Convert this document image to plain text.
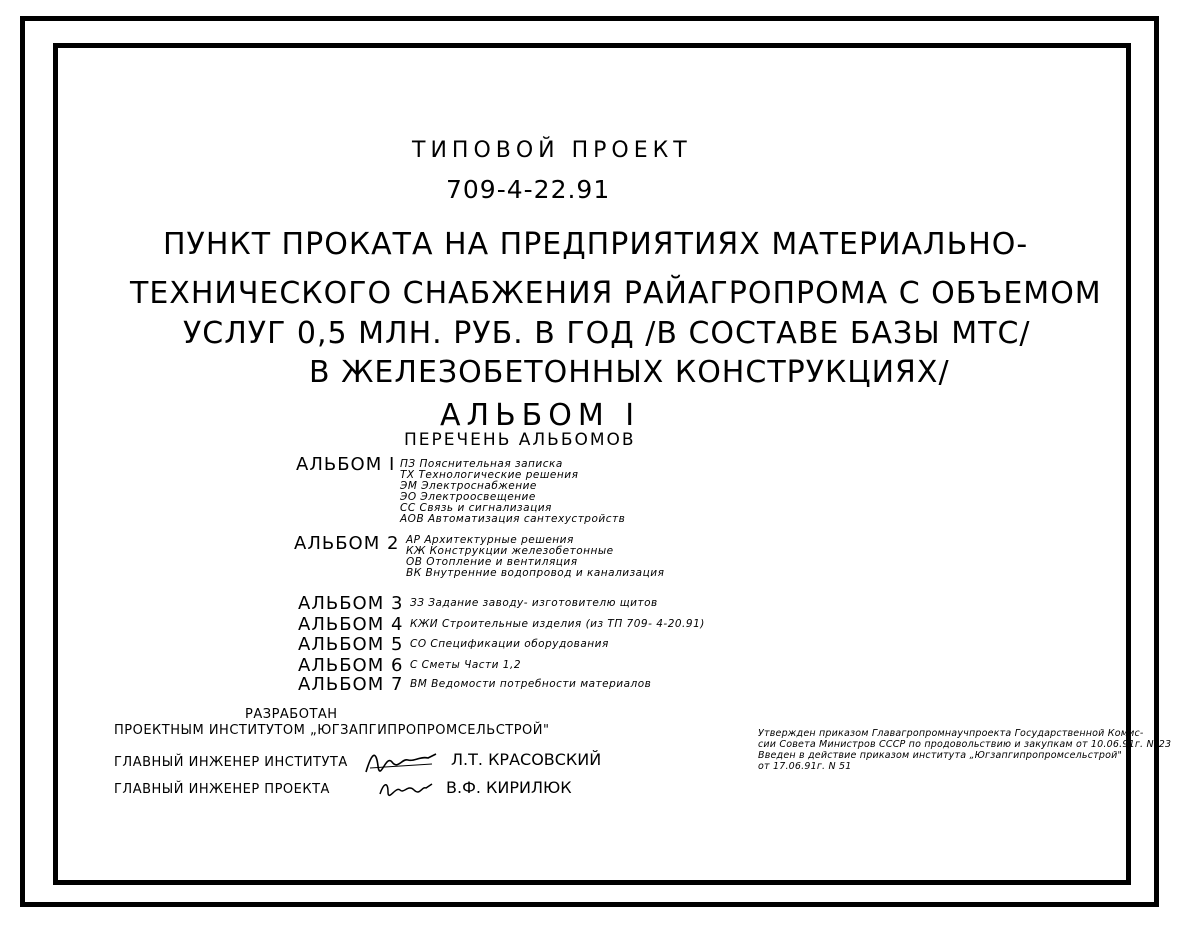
ТИПОВОЙ ПРОЕКТ
709-4-22.91
ПУНКТ ПРОКАТА НА ПРЕДПРИЯТИЯХ МАТЕРИАЛЬНО-
ТЕХНИЧЕСКОГО СНАБЖЕНИЯ РАЙАГРОПРОМА С ОБЪЕМОМ
УСЛУГ 0,5 МЛН. РУБ. В ГОД /В СОСТАВЕ БАЗЫ МТС/
В ЖЕЛЕЗОБЕТОННЫХ КОНСТРУКЦИЯХ/
АЛЬБОМ I
ПЕРЕЧЕНЬ АЛЬБОМОВ
АЛЬБОМ I ПЗ Пояснительная записка
ТХ Технологические решения
ЭМ Электроснабжение
ЭО Электроосвещение
СС Связь и сигнализация
АОВ Автоматизация сантехустройств
АЛЬБОМ 2 АР Архитектурные решения
КЖ Конструкции железобетонные
ОВ Отопление и вентиляция
ВК Внутренние водопровод и канализация
АЛЬБОМ 3 ЗЗ Задание заводу- изготовителю щитов
АЛЬБОМ 4 КЖИ Строительные изделия (из ТП 709- 4-20.91)
АЛЬБОМ 5 СО Спецификации оборудования
АЛЬБОМ 6 С Сметы Части 1,2
АЛЬБОМ 7 ВМ Ведомости потребности материалов
РАЗРАБОТАН
ПРОЕКТНЫМ ИНСТИТУТОМ „ЮГЗАПГИПРОПРОМСЕЛЬСТРОЙ"
ГЛАВНЫЙ ИНЖЕНЕР ИНСТИТУТА	Л.Т. КРАСОВСКИЙ
ГЛАВНЫЙ ИНЖЕНЕР ПРОЕКТА	В.Ф. КИРИЛЮК
Утвержден приказом Главагропромнаучпроекта Государственной Комис-
сии Совета Министров СССР по продовольствию и закупкам от 10.06.91г. N°23
Введен в действие приказом института „Югзапгипропромсельстрой"
от 17.06.91г. N 51
